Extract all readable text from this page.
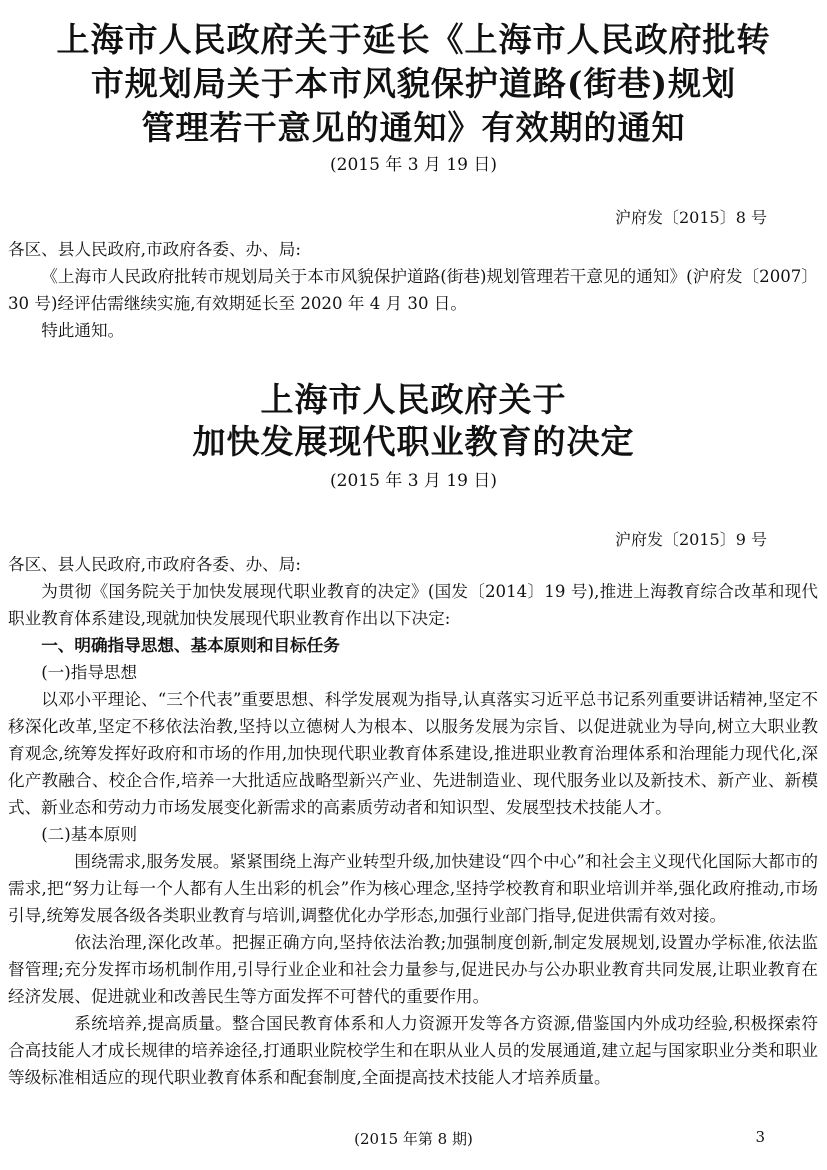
上海市人民政府关于延长《上海市人民政府批转
市规划局关于本市风貌保护道路(街巷)规划
管理若干意见的通知》有效期的通知
(2015 年 3 月 19 日)
沪府发〔2015〕8 号

各区、县人民政府,市政府各委、办、局:

《上海市人民政府批转市规划局关于本市风貌保护道路(街巷)规划管理若干意见的通知》(沪府发〔2007〕30 号)经评估需继续实施,有效期延长至 2020 年 4 月 30 日。

特此通知。

上海市人民政府关于
加快发展现代职业教育的决定
(2015 年 3 月 19 日)
沪府发〔2015〕9 号

各区、县人民政府,市政府各委、办、局:

为贯彻《国务院关于加快发展现代职业教育的决定》(国发〔2014〕19 号),推进上海教育综合改革和现代职业教育体系建设,现就加快发展现代职业教育作出以下决定:

一、明确指导思想、基本原则和目标任务

(一)指导思想

以邓小平理论、“三个代表”重要思想、科学发展观为指导,认真落实习近平总书记系列重要讲话精神,坚定不移深化改革,坚定不移依法治教,坚持以立德树人为根本、以服务发展为宗旨、以促进就业为导向,树立大职业教育观念,统筹发挥好政府和市场的作用,加快现代职业教育体系建设,推进职业教育治理体系和治理能力现代化,深化产教融合、校企合作,培养一大批适应战略型新兴产业、先进制造业、现代服务业以及新技术、新产业、新模式、新业态和劳动力市场发展变化新需求的高素质劳动者和知识型、发展型技术技能人才。

(二)基本原则

围绕需求,服务发展。紧紧围绕上海产业转型升级,加快建设“四个中心”和社会主义现代化国际大都市的需求,把“努力让每一个人都有人生出彩的机会”作为核心理念,坚持学校教育和职业培训并举,强化政府推动,市场引导,统筹发展各级各类职业教育与培训,调整优化办学形态,加强行业部门指导,促进供需有效对接。

依法治理,深化改革。把握正确方向,坚持依法治教;加强制度创新,制定发展规划,设置办学标准,依法监督管理;充分发挥市场机制作用,引导行业企业和社会力量参与,促进民办与公办职业教育共同发展,让职业教育在经济发展、促进就业和改善民生等方面发挥不可替代的重要作用。

系统培养,提高质量。整合国民教育体系和人力资源开发等各方资源,借鉴国内外成功经验,积极探索符合高技能人才成长规律的培养途径,打通职业院校学生和在职从业人员的发展通道,建立起与国家职业分类和职业等级标准相适应的现代职业教育体系和配套制度,全面提高技术技能人才培养质量。

(2015 年第 8 期)	3
